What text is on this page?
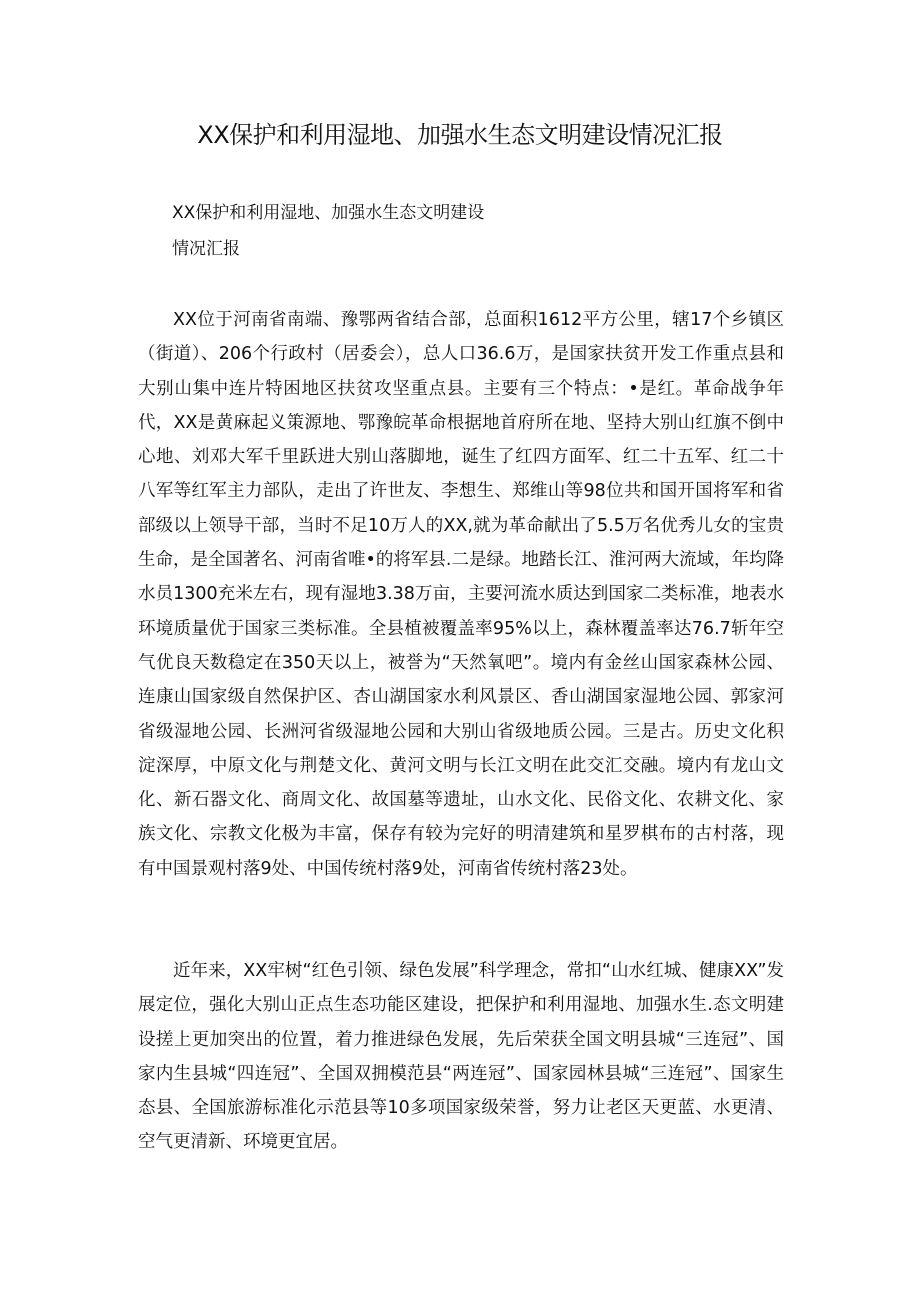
XX保护和利用湿地、加强水生态文明建设情况汇报
XX保护和利用湿地、加强水生态文明建设
情况汇报

XX位于河南省南端、豫鄂两省结合部，总面积1612平方公里，辖17个乡镇区（街道）、206个行政村（居委会），总人口36.6万，是国家扶贫开发工作重点县和大别山集中连片特困地区扶贫攻坚重点县。主要有三个特点：•是红。革命战争年代，XX是黄麻起义策源地、鄂豫皖革命根据地首府所在地、坚持大别山红旗不倒中心地、刘邓大军千里跃进大别山落脚地，诞生了红四方面军、红二十五军、红二十八军等红军主力部队，走出了许世友、李想生、郑维山等98位共和国开国将军和省部级以上领导干部，当时不足10万人的XX,就为革命献出了5.5万名优秀儿女的宝贵生命，是全国著名、河南省唯•的将军县.二是绿。地踏长江、淮河两大流域，年均降水员1300充米左右，现有湿地3.38万亩，主要河流水质达到国家二类标准，地表水环境质量优于国家三类标准。全县植被覆盖率95%以上，森林覆盖率达76.7斩年空气优良天数稳定在350天以上，被誉为“天然氧吧”。境内有金丝山国家森林公园、连康山国家级自然保护区、杏山湖国家水利风景区、香山湖国家湿地公园、郭家河省级湿地公园、长洲河省级湿地公园和大别山省级地质公园。三是古。历史文化积淀深厚，中原文化与荆楚文化、黄河文明与长江文明在此交汇交融。境内有龙山文化、新石器文化、商周文化、故国墓等遗址，山水文化、民俗文化、农耕文化、家族文化、宗教文化极为丰富，保存有较为完好的明清建筑和星罗棋布的古村落，现有中国景观村落9处、中国传统村落9处，河南省传统村落23处。

近年来，XX牢树“红色引领、绿色发展”科学理念，常扣“山水红城、健康XX”发展定位，强化大别山正点生态功能区建设，把保护和利用湿地、加强水生.态文明建设搓上更加突出的位置，着力推进绿色发展，先后荣获全国文明县城“三连冠”、国家内生县城“四连冠”、全国双拥模范县“两连冠”、国家园林县城“三连冠”、国家生态县、全国旅游标准化示范县等10多项国家级荣誉，努力让老区天更蓝、水更清、空气更清新、环境更宜居。
